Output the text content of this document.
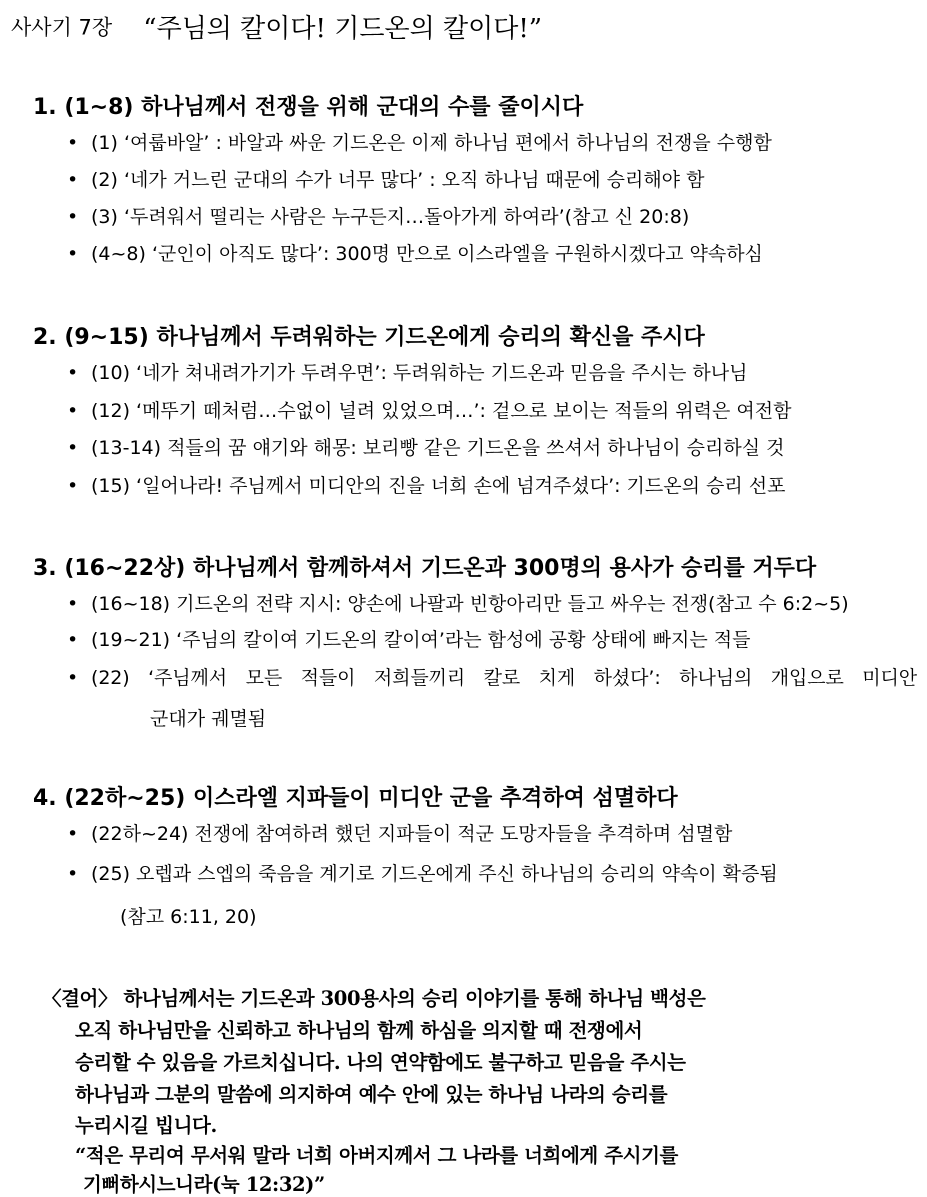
사사기 7장 “주님의 칼이다! 기드온의 칼이다!”
1. (1~8) 하나님께서 전쟁을 위해 군대의 수를 줄이시다
• (1) ‘여룹바알’ : 바알과 싸운 기드온은 이제 하나님 편에서 하나님의 전쟁을 수행함
• (2) ‘네가 거느린 군대의 수가 너무 많다’ : 오직 하나님 때문에 승리해야 함
• (3) ‘두려워서 떨리는 사람은 누구든지…돌아가게 하여라’(참고 신 20:8)
• (4~8) ‘군인이 아직도 많다’: 300명 만으로 이스라엘을 구원하시겠다고 약속하심
2. (9~15) 하나님께서 두려워하는 기드온에게 승리의 확신을 주시다
• (10) ‘네가 쳐내려가기가 두려우면’: 두려워하는 기드온과 믿음을 주시는 하나님
• (12) ‘메뚜기 떼처럼…수없이 널려 있었으며…’: 겉으로 보이는 적들의 위력은 여전함
• (13-14) 적들의 꿈 얘기와 해몽: 보리빵 같은 기드온을 쓰셔서 하나님이 승리하실 것
• (15) ‘일어나라! 주님께서 미디안의 진을 너희 손에 넘겨주셨다’: 기드온의 승리 선포
3. (16~22상) 하나님께서 함께하셔서 기드온과 300명의 용사가 승리를 거두다
• (16~18) 기드온의 전략 지시: 양손에 나팔과 빈항아리만 들고 싸우는 전쟁(참고 수 6:2~5)
• (19~21) ‘주님의 칼이여 기드온의 칼이여’라는 함성에 공황 상태에 빠지는 적들
• (22) ‘주님께서 모든 적들이 저희들끼리 칼로 치게 하셨다’: 하나님의 개입으로 미디안
군대가 궤멸됨
4. (22하~25) 이스라엘 지파들이 미디안 군을 추격하여 섬멸하다
• (22하~24) 전쟁에 참여하려 했던 지파들이 적군 도망자들을 추격하며 섬멸함
• (25) 오렙과 스엡의 죽음을 계기로 기드온에게 주신 하나님의 승리의 약속이 확증됨
(참고 6:11, 20)
〈결어〉 하나님께서는 기드온과 300용사의 승리 이야기를 통해 하나님 백성은
오직 하나님만을 신뢰하고 하나님의 함께 하심을 의지할 때 전쟁에서
승리할 수 있음을 가르치십니다. 나의 연약함에도 불구하고 믿음을 주시는
하나님과 그분의 말씀에 의지하여 예수 안에 있는 하나님 나라의 승리를
누리시길 빕니다.
“적은 무리여 무서워 말라 너희 아버지께서 그 나라를 너희에게 주시기를
기뻐하시느니라(눅 12:32)”
